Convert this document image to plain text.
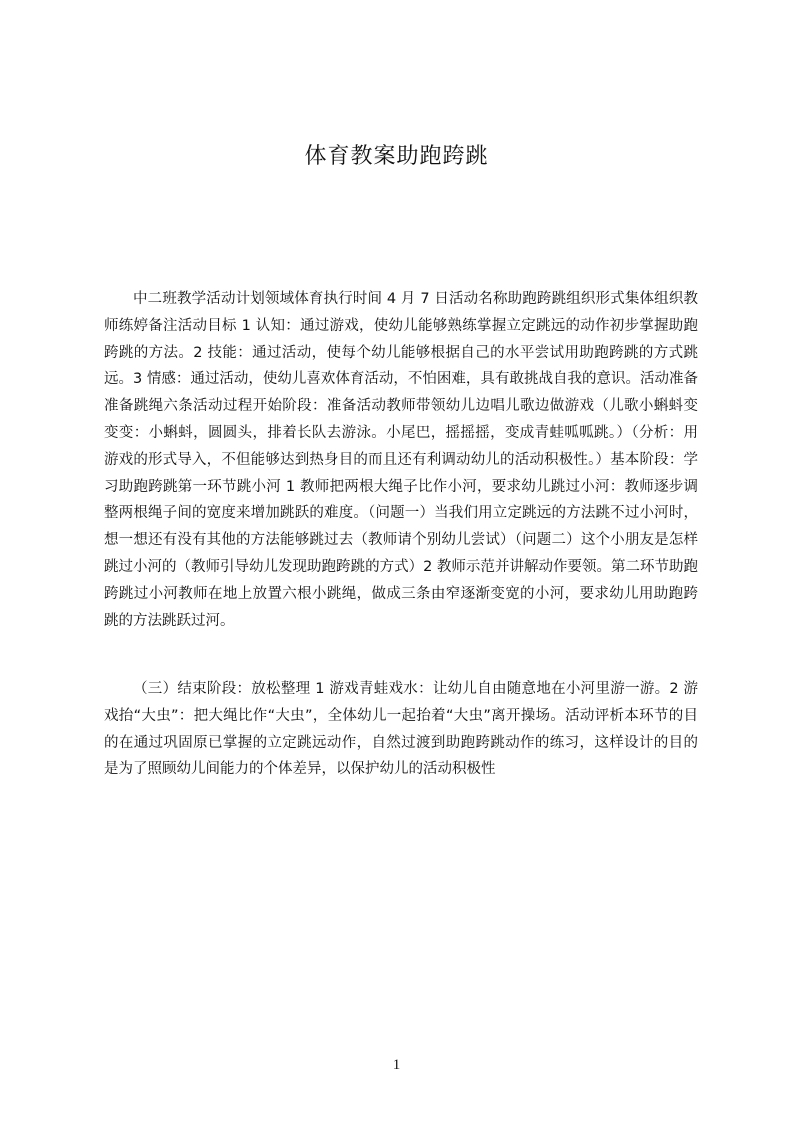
体育教案助跑跨跳

中二班教学活动计划领域体育执行时间 4 月 7 日活动名称助跑跨跳组织形式集体组织教师练婷备注活动目标 1 认知：通过游戏，使幼儿能够熟练掌握立定跳远的动作初步掌握助跑跨跳的方法。2 技能：通过活动，使每个幼儿能够根据自己的水平尝试用助跑跨跳的方式跳远。3 情感：通过活动，使幼儿喜欢体育活动，不怕困难，具有敢挑战自我的意识。活动准备准备跳绳六条活动过程开始阶段：准备活动教师带领幼儿边唱儿歌边做游戏（儿歌小蝌蚪变变变：小蝌蚪，圆圆头，排着长队去游泳。小尾巴，摇摇摇，变成青蛙呱呱跳。）（分析：用游戏的形式导入，不但能够达到热身目的而且还有利调动幼儿的活动积极性。）基本阶段：学习助跑跨跳第一环节跳小河 1 教师把两根大绳子比作小河，要求幼儿跳过小河：教师逐步调整两根绳子间的宽度来增加跳跃的难度。（问题一）当我们用立定跳远的方法跳不过小河时，想一想还有没有其他的方法能够跳过去（教师请个别幼儿尝试）（问题二）这个小朋友是怎样跳过小河的（教师引导幼儿发现助跑跨跳的方式）2 教师示范并讲解动作要领。第二环节助跑跨跳过小河教师在地上放置六根小跳绳，做成三条由窄逐渐变宽的小河，要求幼儿用助跑跨跳的方法跳跃过河。

（三）结束阶段：放松整理 1 游戏青蛙戏水：让幼儿自由随意地在小河里游一游。2 游戏抬“大虫”：把大绳比作“大虫”，全体幼儿一起抬着“大虫”离开操场。活动评析本环节的目的在通过巩固原已掌握的立定跳远动作，自然过渡到助跑跨跳动作的练习，这样设计的目的是为了照顾幼儿间能力的个体差异，以保护幼儿的活动积极性

1
